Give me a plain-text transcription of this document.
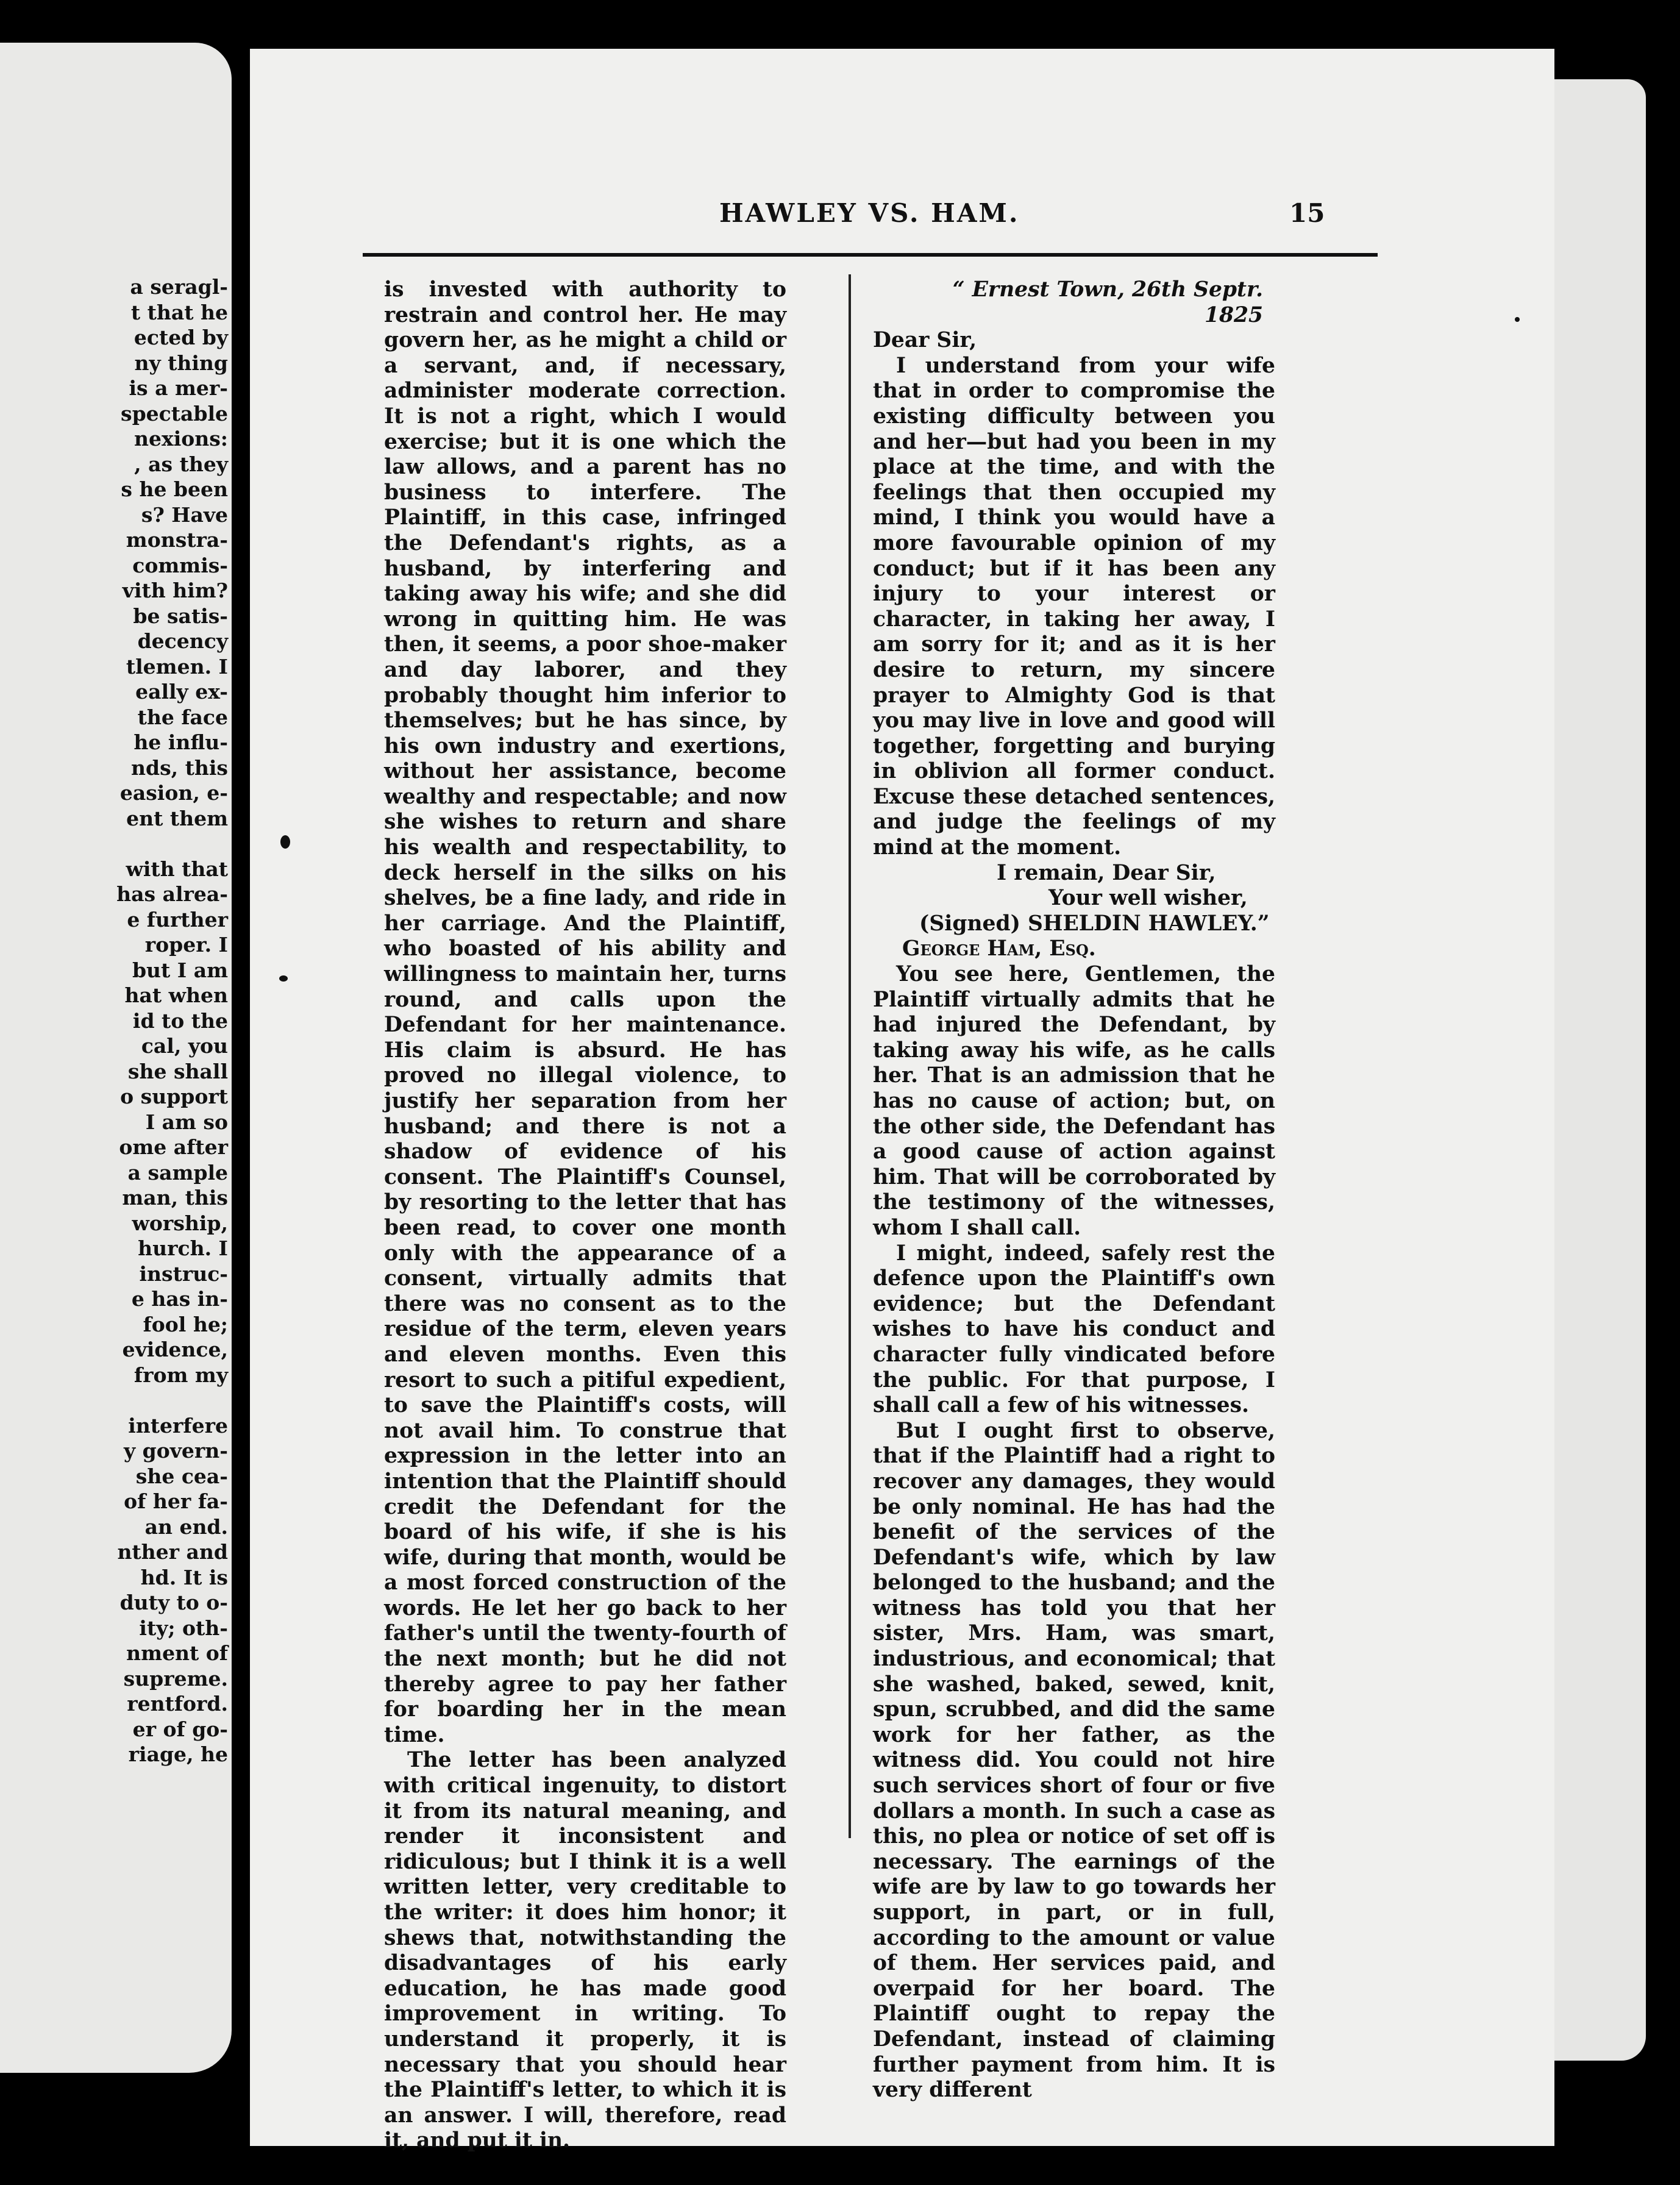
a seragl-
t that he
ected by
ny thing
is a mer-
spectable
nexions:
, as they
s he been
s? Have
monstra-
commis-
vith him?
be satis-
decency
tlemen. I
eally ex-
the face
he influ-
nds, this
easion, e-
ent them
with that
has alrea-
e further
roper. I
but I am
hat when
id to the
cal, you
she shall
o support
I am so
ome after
a sample
man, this
worship,
hurch. I
instruc-
e has in-
fool he;
evidence,
from my
interfere
y govern-
she cea-
of her fa-
an end.
nther and
hd. It is
duty to o-
ity; oth-
nment of
supreme.
rentford.
er of go-
riage, he
HAWLEY VS. HAM.	15

is invested with authority to restrain and control her. He may govern her, as he might a child or a servant, and, if necessary, administer moderate correction. It is not a right, which I would exercise; but it is one which the law allows, and a parent has no business to interfere. The Plaintiff, in this case, infringed the Defendant's rights, as a husband, by interfering and taking away his wife; and she did wrong in quitting him. He was then, it seems, a poor shoe-maker and day laborer, and they probably thought him inferior to themselves; but he has since, by his own industry and exertions, without her assistance, become wealthy and respectable; and now she wishes to return and share his wealth and respectability, to deck herself in the silks on his shelves, be a fine lady, and ride in her carriage. And the Plaintiff, who boasted of his ability and willingness to maintain her, turns round, and calls upon the Defendant for her maintenance. His claim is absurd. He has proved no illegal violence, to justify her separation from her husband; and there is not a shadow of evidence of his consent. The Plaintiff's Counsel, by resorting to the letter that has been read, to cover one month only with the appearance of a consent, virtually admits that there was no consent as to the residue of the term, eleven years and eleven months. Even this resort to such a pitiful expedient, to save the Plaintiff's costs, will not avail him. To construe that expression in the letter into an intention that the Plaintiff should credit the Defendant for the board of his wife, if she is his wife, during that month, would be a most forced construction of the words. He let her go back to her father's until the twenty-fourth of the next month; but he did not thereby agree to pay her father for boarding her in the mean time.

The letter has been analyzed with critical ingenuity, to distort it from its natural meaning, and render it inconsistent and ridiculous; but I think it is a well written letter, very creditable to the writer: it does him honor; it shews that, notwithstanding the disadvantages of his early education, he has made good improvement in writing. To understand it properly, it is necessary that you should hear the Plaintiff's letter, to which it is an answer. I will, therefore, read it, and put it in.

“ Ernest Town, 26th Septr. 1825

Dear Sir,

I understand from your wife that in order to compromise the existing difficulty between you and her—but had you been in my place at the time, and with the feelings that then occupied my mind, I think you would have a more favourable opinion of my conduct; but if it has been any injury to your interest or character, in taking her away, I am sorry for it; and as it is her desire to return, my sincere prayer to Almighty God is that you may live in love and good will together, forgetting and burying in oblivion all former conduct. Excuse these detached sentences, and judge the feelings of my mind at the moment.

I remain, Dear Sir,

Your well wisher,

(Signed) SHELDIN HAWLEY.”

George Ham, Esq.

You see here, Gentlemen, the Plaintiff virtually admits that he had injured the Defendant, by taking away his wife, as he calls her. That is an admission that he has no cause of action; but, on the other side, the Defendant has a good cause of action against him. That will be corroborated by the testimony of the witnesses, whom I shall call.

I might, indeed, safely rest the defence upon the Plaintiff's own evidence; but the Defendant wishes to have his conduct and character fully vindicated before the public. For that purpose, I shall call a few of his witnesses.

But I ought first to observe, that if the Plaintiff had a right to recover any damages, they would be only nominal. He has had the benefit of the services of the Defendant's wife, which by law belonged to the husband; and the witness has told you that her sister, Mrs. Ham, was smart, industrious, and economical; that she washed, baked, sewed, knit, spun, scrubbed, and did the same work for her father, as the witness did. You could not hire such services short of four or five dollars a month. In such a case as this, no plea or notice of set off is necessary. The earnings of the wife are by law to go towards her support, in part, or in full, according to the amount or value of them. Her services paid, and overpaid for her board. The Plaintiff ought to repay the Defendant, instead of claiming further payment from him. It is very different
